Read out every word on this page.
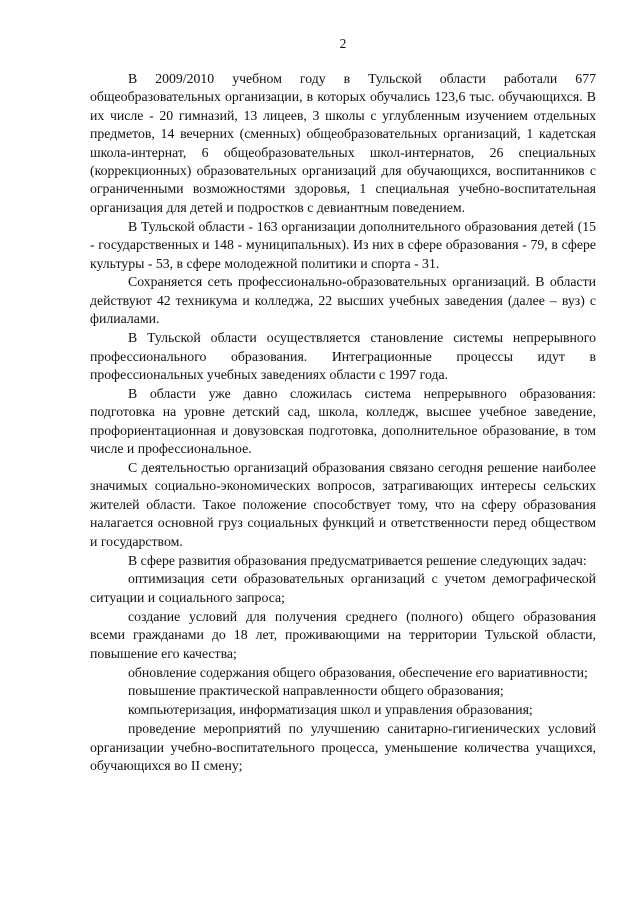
2

В 2009/2010 учебном году в Тульской области работали 677 общеобразовательных организации, в которых обучались 123,6 тыс. обучающихся. В их числе - 20 гимназий, 13 лицеев, 3 школы с углубленным изучением отдельных предметов, 14 вечерних (сменных) общеобразовательных организаций, 1 кадетская школа-интернат, 6 общеобразовательных школ-интернатов, 26 специальных (коррекционных) образовательных организаций для обучающихся, воспитанников с ограниченными возможностями здоровья, 1 специальная учебно-воспитательная организация для детей и подростков с девиантным поведением.

В Тульской области - 163 организации дополнительного образования детей (15 - государственных и 148 - муниципальных). Из них в сфере образования - 79, в сфере культуры - 53, в сфере молодежной политики и спорта - 31.

Сохраняется сеть профессионально-образовательных организаций. В области действуют 42 техникума и колледжа, 22 высших учебных заведения (далее – вуз) с филиалами.

В Тульской области осуществляется становление системы непрерывного профессионального образования. Интеграционные процессы идут в профессиональных учебных заведениях области с 1997 года.

В области уже давно сложилась система непрерывного образования: подготовка на уровне детский сад, школа, колледж, высшее учебное заведение, профориентационная и довузовская подготовка, дополнительное образование, в том числе и профессиональное.

С деятельностью организаций образования связано сегодня решение наиболее значимых социально-экономических вопросов, затрагивающих интересы сельских жителей области. Такое положение способствует тому, что на сферу образования налагается основной груз социальных функций и ответственности перед обществом и государством.

В сфере развития образования предусматривается решение следующих задач:

оптимизация сети образовательных организаций с учетом демографической ситуации и социального запроса;

создание условий для получения среднего (полного) общего образования всеми гражданами до 18 лет, проживающими на территории Тульской области, повышение его качества;

обновление содержания общего образования, обеспечение его вариативности;

повышение практической направленности общего образования;

компьютеризация, информатизация школ и управления образования;

проведение мероприятий по улучшению санитарно-гигиенических условий организации учебно-воспитательного процесса, уменьшение количества учащихся, обучающихся во II смену;
